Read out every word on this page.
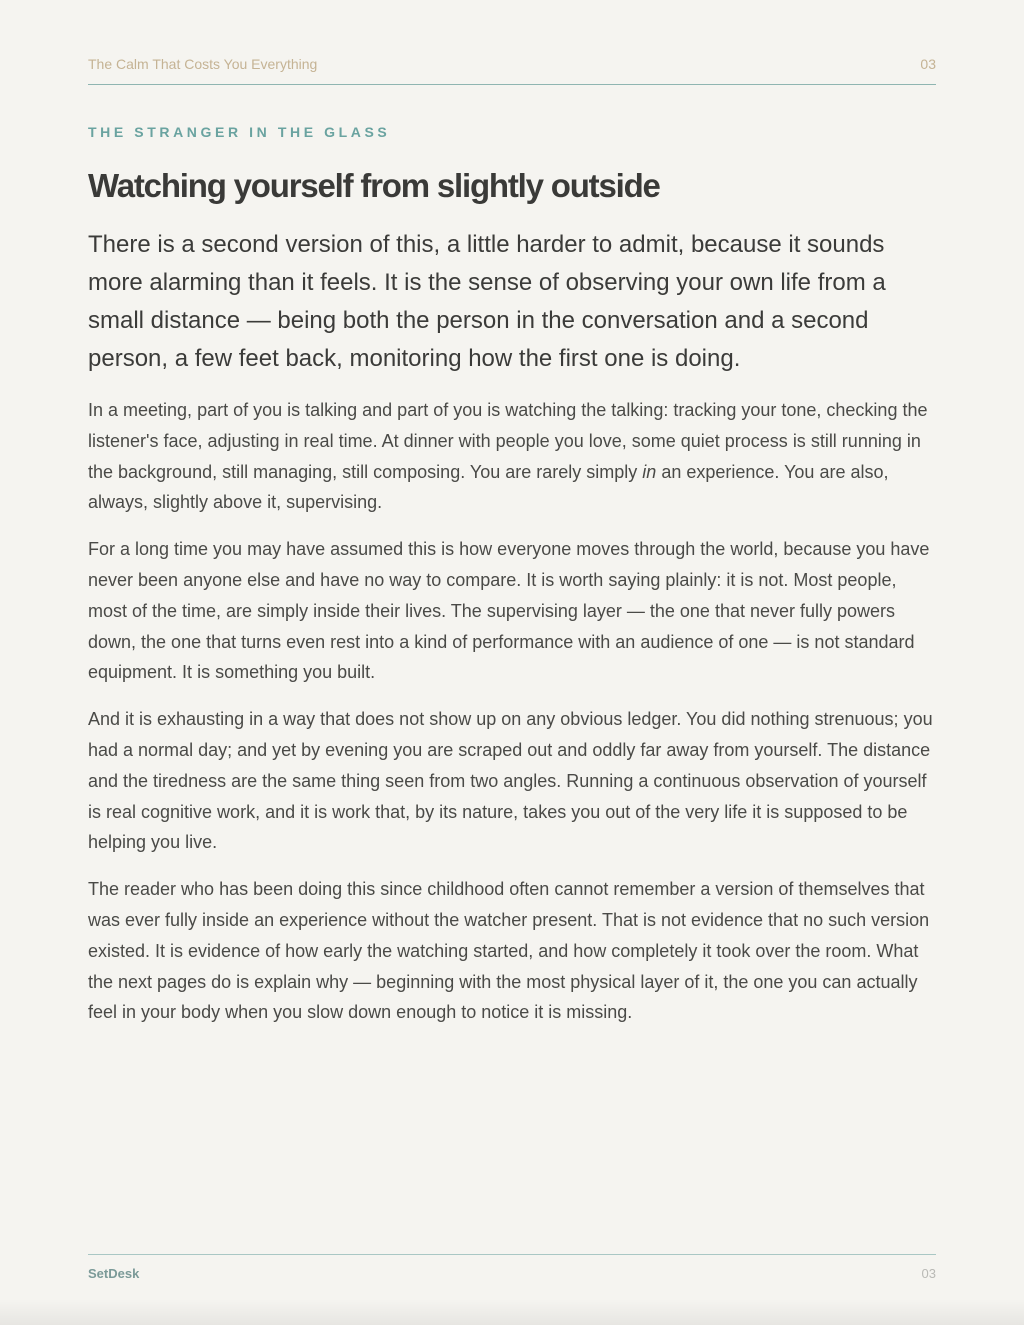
The Calm That Costs You Everything	03
THE STRANGER IN THE GLASS
Watching yourself from slightly outside

There is a second version of this, a little harder to admit, because it sounds more alarming than it feels. It is the sense of observing your own life from a small distance — being both the person in the conversation and a second person, a few feet back, monitoring how the first one is doing.

In a meeting, part of you is talking and part of you is watching the talking: tracking your tone, checking the listener's face, adjusting in real time. At dinner with people you love, some quiet process is still running in the background, still managing, still composing. You are rarely simply in an experience. You are also, always, slightly above it, supervising.

For a long time you may have assumed this is how everyone moves through the world, because you have never been anyone else and have no way to compare. It is worth saying plainly: it is not. Most people, most of the time, are simply inside their lives. The supervising layer — the one that never fully powers down, the one that turns even rest into a kind of performance with an audience of one — is not standard equipment. It is something you built.

And it is exhausting in a way that does not show up on any obvious ledger. You did nothing strenuous; you had a normal day; and yet by evening you are scraped out and oddly far away from yourself. The distance and the tiredness are the same thing seen from two angles. Running a continuous observation of yourself is real cognitive work, and it is work that, by its nature, takes you out of the very life it is supposed to be helping you live.

The reader who has been doing this since childhood often cannot remember a version of themselves that was ever fully inside an experience without the watcher present. That is not evidence that no such version existed. It is evidence of how early the watching started, and how completely it took over the room. What the next pages do is explain why — beginning with the most physical layer of it, the one you can actually feel in your body when you slow down enough to notice it is missing.

SetDesk	03
